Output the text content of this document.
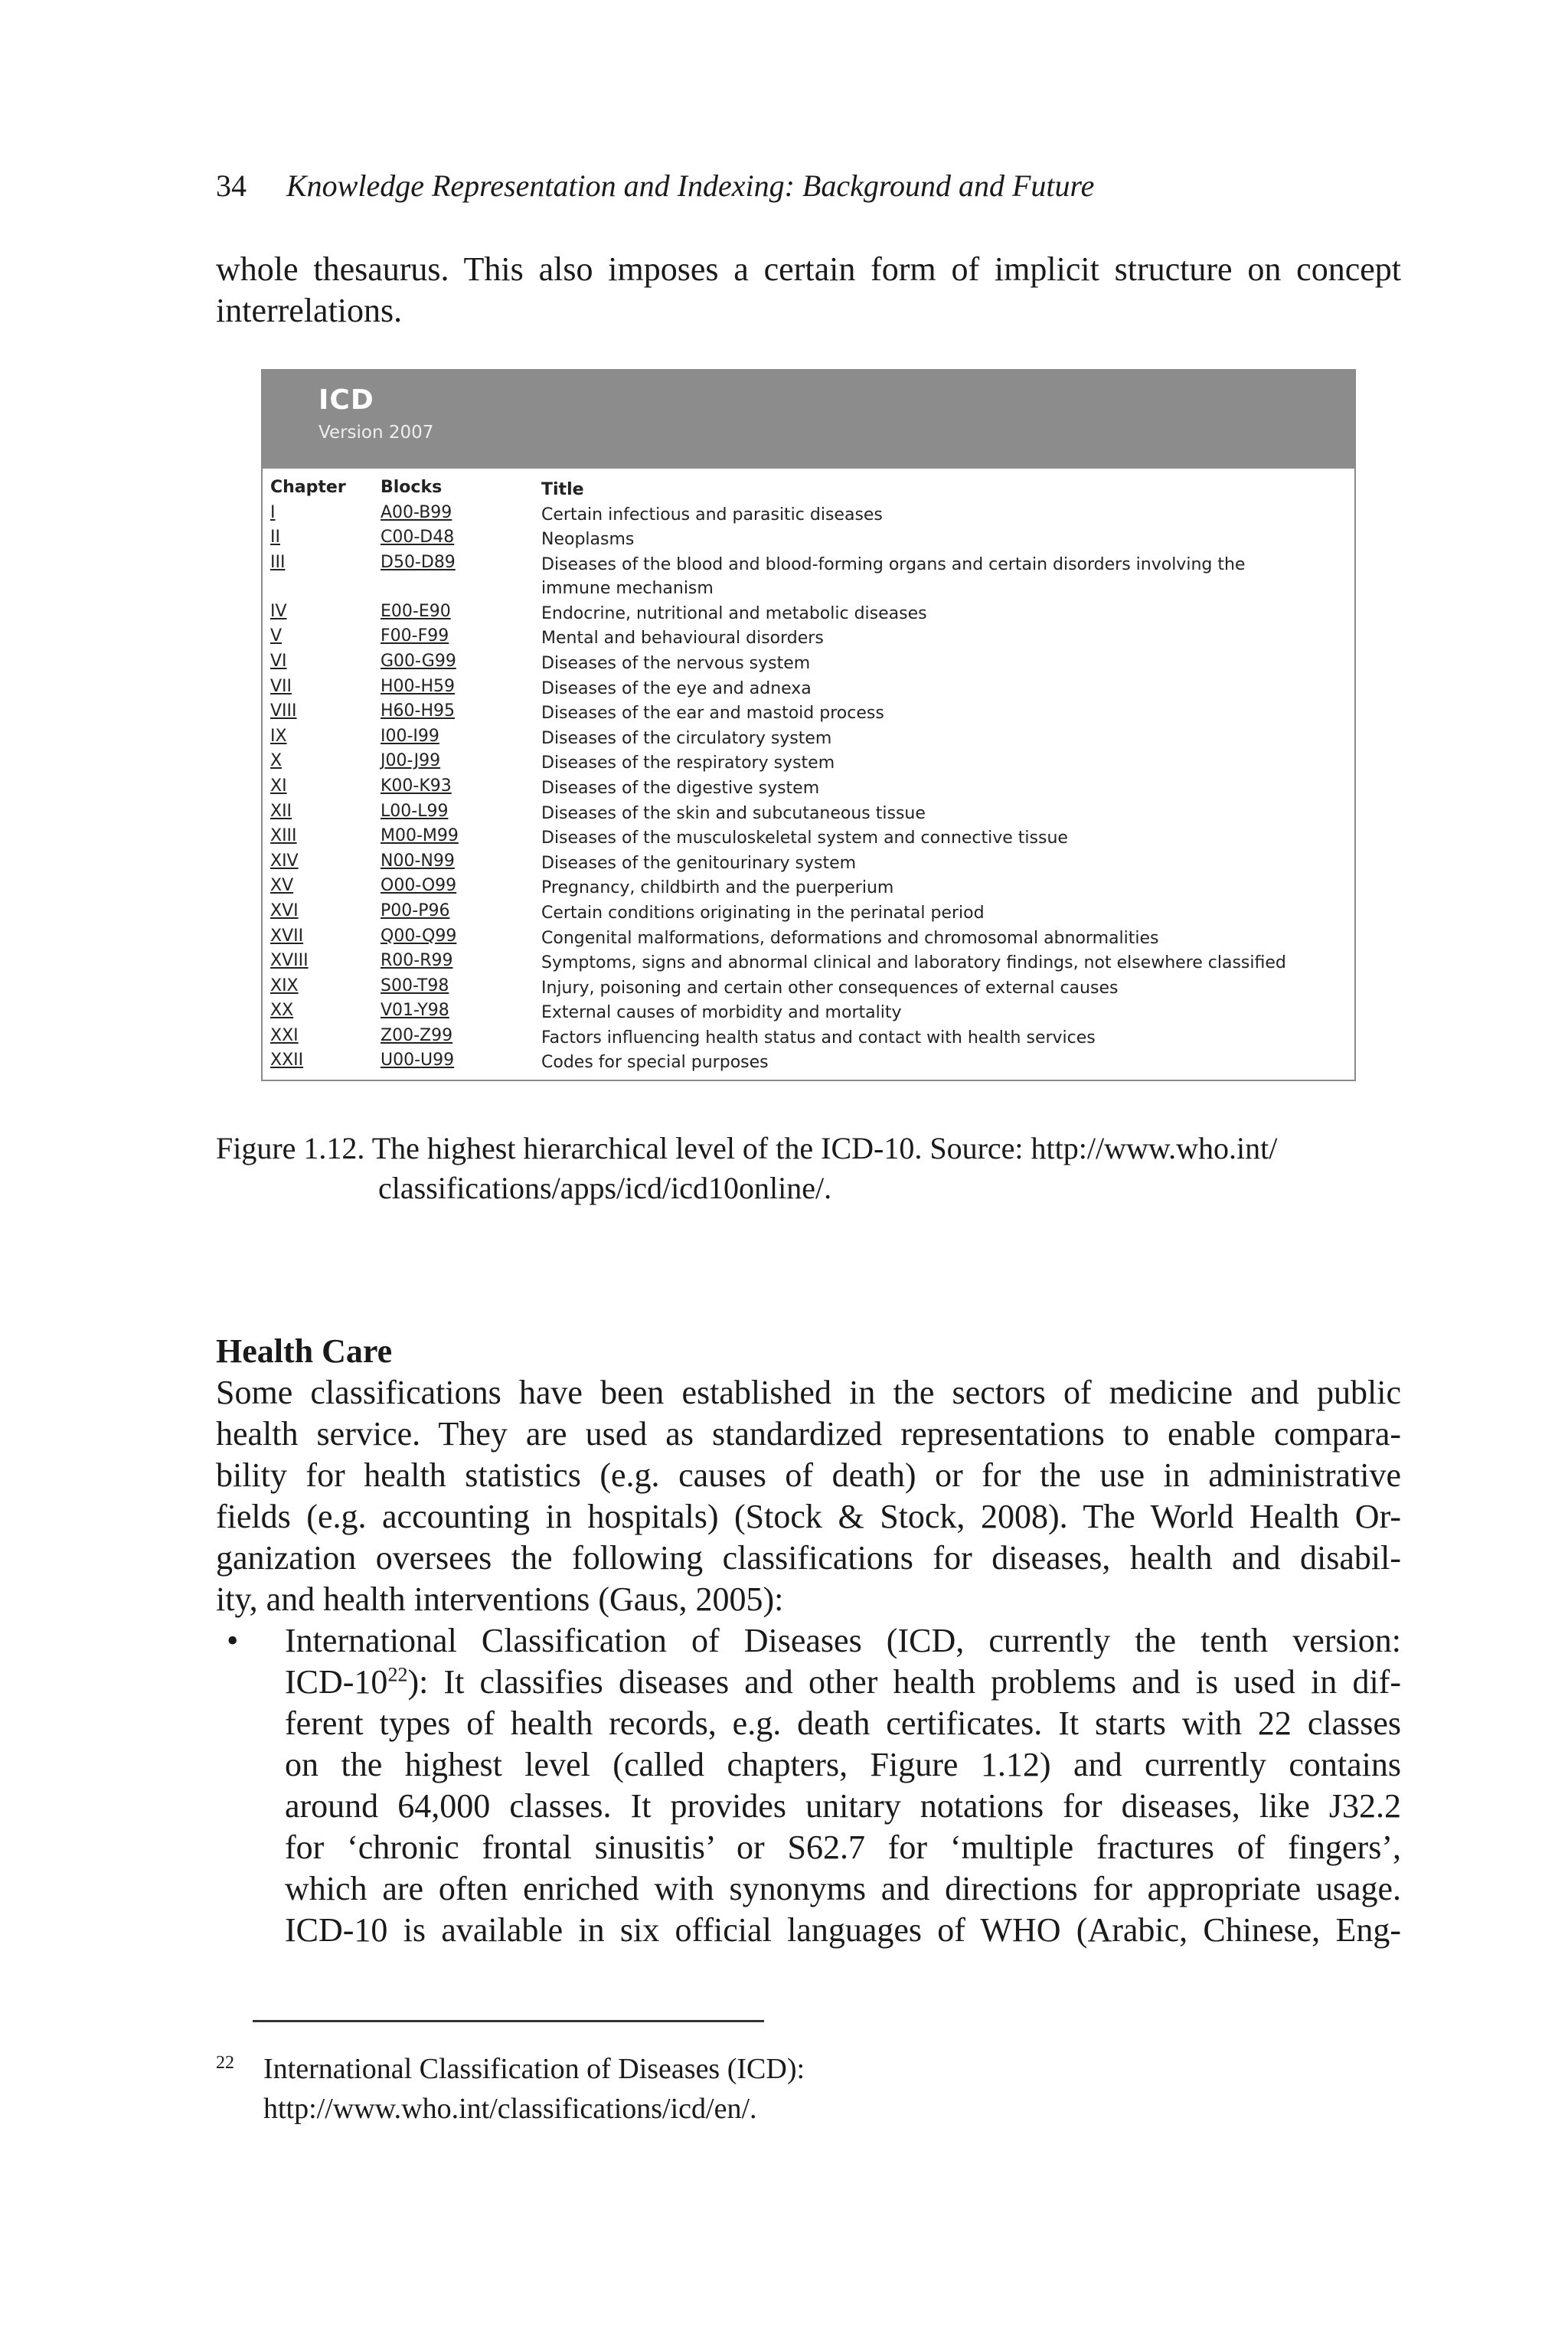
34 Knowledge Representation and Indexing: Background and Future
whole thesaurus. This also imposes a certain form of implicit structure on concept
interrelations.
ICD
Version 2007
Chapter	Blocks	Title
I	A00-B99	Certain infectious and parasitic diseases
II	C00-D48	Neoplasms
III	D50-D89	Diseases of the blood and blood-forming organs and certain disorders involving the
immune mechanism
IV	E00-E90	Endocrine, nutritional and metabolic diseases
V	F00-F99	Mental and behavioural disorders
VI	G00-G99	Diseases of the nervous system
VII	H00-H59	Diseases of the eye and adnexa
VIII	H60-H95	Diseases of the ear and mastoid process
IX	I00-I99	Diseases of the circulatory system
X	J00-J99	Diseases of the respiratory system
XI	K00-K93	Diseases of the digestive system
XII	L00-L99	Diseases of the skin and subcutaneous tissue
XIII	M00-M99	Diseases of the musculoskeletal system and connective tissue
XIV	N00-N99	Diseases of the genitourinary system
XV	O00-O99	Pregnancy, childbirth and the puerperium
XVI	P00-P96	Certain conditions originating in the perinatal period
XVII	Q00-Q99	Congenital malformations, deformations and chromosomal abnormalities
XVIII	R00-R99	Symptoms, signs and abnormal clinical and laboratory findings, not elsewhere classified
XIX	S00-T98	Injury, poisoning and certain other consequences of external causes
XX	V01-Y98	External causes of morbidity and mortality
XXI	Z00-Z99	Factors influencing health status and contact with health services
XXII	U00-U99	Codes for special purposes
Figure 1.12. The highest hierarchical level of the ICD-10. Source: http://www.who.int/
classifications/apps/icd/icd10online/.
Health Care
Some classifications have been established in the sectors of medicine and public
health service. They are used as standardized representations to enable compara-
bility for health statistics (e.g. causes of death) or for the use in administrative
fields (e.g. accounting in hospitals) (Stock & Stock, 2008). The World Health Or-
ganization oversees the following classifications for diseases, health and disabil-
ity, and health interventions (Gaus, 2005):
• International Classification of Diseases (ICD, currently the tenth version:
ICD-$10^{22}$): It classifies diseases and other health problems and is used in dif-
ferent types of health records, e.g. death certificates. It starts with 22 classes
on the highest level (called chapters, Figure 1.12) and currently contains
around 64,000 classes. It provides unitary notations for diseases, like J32.2
for ‘chronic frontal sinusitis’ or S62.7 for ‘multiple fractures of fingers’,
which are often enriched with synonyms and directions for appropriate usage.
ICD-10 is available in six official languages of WHO (Arabic, Chinese, Eng-
22 International Classification of Diseases (ICD):
http://www.who.int/classifications/icd/en/.
